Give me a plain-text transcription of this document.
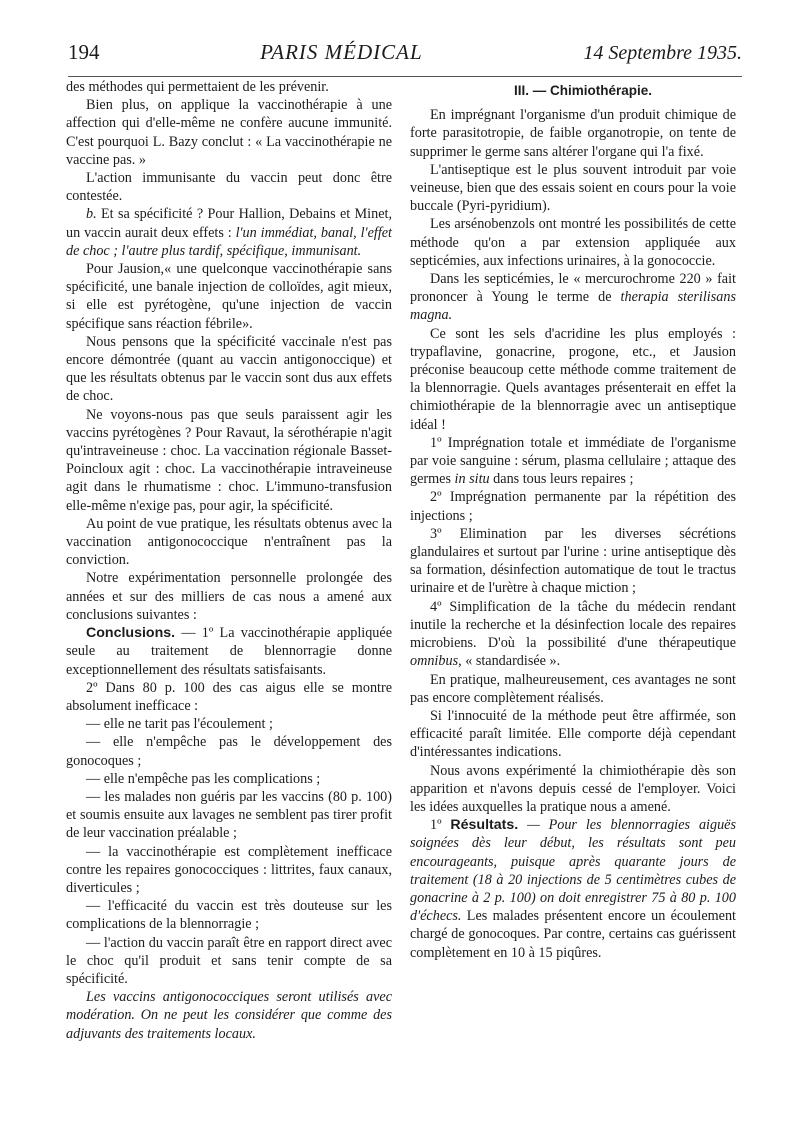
194	PARIS MÉDICAL	14 Septembre 1935.

des méthodes qui permettaient de les prévenir.

Bien plus, on applique la vaccinothérapie à une affection qui d'elle-même ne confère aucune immunité. C'est pourquoi L. Bazy conclut : « La vaccinothérapie ne vaccine pas. »

L'action immunisante du vaccin peut donc être contestée.

b. Et sa spécificité ? Pour Hallion, Debains et Minet, un vaccin aurait deux effets : l'un immédiat, banal, l'effet de choc ; l'autre plus tardif, spécifique, immunisant.

Pour Jausion,« une quelconque vaccinothérapie sans spécificité, une banale injection de colloïdes, agit mieux, si elle est pyrétogène, qu'une injection de vaccin spécifique sans réaction fébrile».

Nous pensons que la spécificité vaccinale n'est pas encore démontrée (quant au vaccin antigonoccique) et que les résultats obtenus par le vaccin sont dus aux effets de choc.

Ne voyons-nous pas que seuls paraissent agir les vaccins pyrétogènes ? Pour Ravaut, la sérothérapie n'agit qu'intraveineuse : choc. La vaccination régionale Basset-Poincloux agit : choc. La vaccinothérapie intraveineuse agit dans le rhumatisme : choc. L'immuno-transfusion elle-même n'exige pas, pour agir, la spécificité.

Au point de vue pratique, les résultats obtenus avec la vaccination antigonococcique n'entraînent pas la conviction.

Notre expérimentation personnelle prolongée des années et sur des milliers de cas nous a amené aux conclusions suivantes :

Conclusions. — 1º La vaccinothérapie appliquée seule au traitement de blennorragie donne exceptionnellement des résultats satisfaisants.

2º Dans 80 p. 100 des cas aigus elle se montre absolument inefficace :

— elle ne tarit pas l'écoulement ;

— elle n'empêche pas le développement des gonocoques ;

— elle n'empêche pas les complications ;

— les malades non guéris par les vaccins (80 p. 100) et soumis ensuite aux lavages ne semblent pas tirer profit de leur vaccination préalable ;

— la vaccinothérapie est complètement inefficace contre les repaires gonococciques : littrites, faux canaux, diverticules ;

— l'efficacité du vaccin est très douteuse sur les complications de la blennorragie ;

— l'action du vaccin paraît être en rapport direct avec le choc qu'il produit et sans tenir compte de sa spécificité.

Les vaccins antigonococciques seront utilisés avec modération. On ne peut les considérer que comme des adjuvants des traitements locaux.

III. — Chimiothérapie.

En imprégnant l'organisme d'un produit chimique de forte parasitotropie, de faible organotropie, on tente de supprimer le germe sans altérer l'organe qui l'a fixé.

L'antiseptique est le plus souvent introduit par voie veineuse, bien que des essais soient en cours pour la voie buccale (Pyri-pyridium).

Les arsénobenzols ont montré les possibilités de cette méthode qu'on a par extension appliquée aux septicémies, aux infections urinaires, à la gonococcie.

Dans les septicémies, le « mercurochrome 220 » fait prononcer à Young le terme de therapia sterilisans magna.

Ce sont les sels d'acridine les plus employés : trypaflavine, gonacrine, progone, etc., et Jausion préconise beaucoup cette méthode comme traitement de la blennorragie. Quels avantages présenterait en effet la chimiothérapie de la blennorragie avec un antiseptique idéal !

1º Imprégnation totale et immédiate de l'organisme par voie sanguine : sérum, plasma cellulaire ; attaque des germes in situ dans tous leurs repaires ;

2º Imprégnation permanente par la répétition des injections ;

3º Elimination par les diverses sécrétions glandulaires et surtout par l'urine : urine antiseptique dès sa formation, désinfection automatique de tout le tractus urinaire et de l'urètre à chaque miction ;

4º Simplification de la tâche du médecin rendant inutile la recherche et la désinfection locale des repaires microbiens. D'où la possibilité d'une thérapeutique omnibus, « standardisée ».

En pratique, malheureusement, ces avantages ne sont pas encore complètement réalisés.

Si l'innocuité de la méthode peut être affirmée, son efficacité paraît limitée. Elle comporte déjà cependant d'intéressantes indications.

Nous avons expérimenté la chimiothérapie dès son apparition et n'avons depuis cessé de l'employer. Voici les idées auxquelles la pratique nous a amené.

1º Résultats. — Pour les blennorragies aiguës soignées dès leur début, les résultats sont peu encourageants, puisque après quarante jours de traitement (18 à 20 injections de 5 centimètres cubes de gonacrine à 2 p. 100) on doit enregistrer 75 à 80 p. 100 d'échecs. Les malades présentent encore un écoulement chargé de gonocoques. Par contre, certains cas guérissent complètement en 10 à 15 piqûres.
